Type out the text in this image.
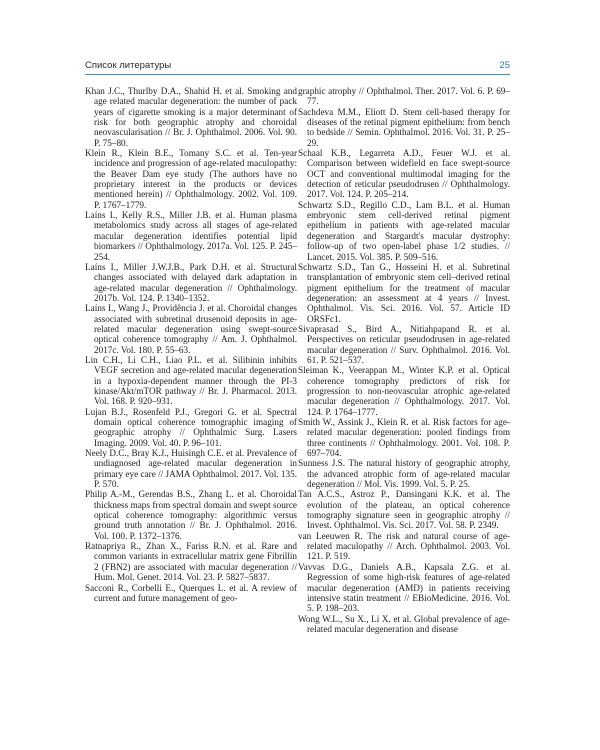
Список литературы	25

Khan J.C., Thurlby D.A., Shahid H. et al. Smoking and age related macular degeneration: the number of pack years of cigarette smoking is a major determinant of risk for both geographic atrophy and choroidal neovascularisation // Br. J. Ophthalmol. 2006. Vol. 90. P. 75–80.

Klein R., Klein B.E., Tomany S.C. et al. Ten-year incidence and progression of age-related maculopathy: the Beaver Dam eye study (The authors have no proprietary interest in the products or devices mentioned herein) // Ophthalmology. 2002. Vol. 109. P. 1767–1779.

Laíns I., Kelly R.S., Miller J.B. et al. Human plasma metabolomics study across all stages of age-related macular degeneration identifies potential lipid biomarkers // Ophthalmology. 2017a. Vol. 125. P. 245–254.

Laíns I., Miller J.W.J.B., Park D.H. et al. Structural changes associated with delayed dark adaptation in age-related macular degeneration // Ophthalmology. 2017b. Vol. 124. P. 1340–1352.

Laíns I., Wang J., Providência J. et al. Choroidal changes associated with subretinal drusenoid deposits in age-related macular degeneration using swept-source optical coherence tomography // Am. J. Ophthalmol. 2017c. Vol. 180. P. 55–63.

Lin C.H., Li C.H., Liao P.L. et al. Silibinin inhibits VEGF secretion and age-related macular degeneration in a hypoxia-dependent manner through the PI-3 kinase/Akt/mTOR pathway // Br. J. Pharmacol. 2013. Vol. 168. P. 920–931.

Lujan B.J., Rosenfeld P.J., Gregori G. et al. Spectral domain optical coherence tomographic imaging of geographic atrophy // Ophthalmic Surg. Lasers Imaging. 2009. Vol. 40. P. 96–101.

Neely D.C., Bray K.J., Huisingh C.E. et al. Prevalence of undiagnosed age-related macular degeneration in primary eye care // JAMA Ophthalmol. 2017. Vol. 135. P. 570.

Philip A.-M., Gerendas B.S., Zhang L. et al. Choroidal thickness maps from spectral domain and swept source optical coherence tomography: algorithmic versus ground truth annotation // Br. J. Ophthalmol. 2016. Vol. 100. P. 1372–1376.

Ratnapriya R., Zhan X., Fariss R.N. et al. Rare and common variants in extracellular matrix gene Fibrillin 2 (FBN2) are associated with macular degeneration // Hum. Mol. Genet. 2014. Vol. 23. P. 5827–5837.

Sacconi R., Corbelli E., Querques L. et al. A review of current and future management of geo-

graphic atrophy // Ophthalmol. Ther. 2017. Vol. 6. P. 69–77.

Sachdeva M.M., Eliott D. Stem cell-based therapy for diseases of the retinal pigment epithelium: from bench to bedside // Semin. Ophthalmol. 2016. Vol. 31. P. 25–29.

Schaal K.B., Legarreta A.D., Feuer W.J. et al. Comparison between widefield en face swept-source OCT and conventional multimodal imaging for the detection of reticular pseudodrusen // Ophthalmology. 2017. Vol. 124. P. 205–214.

Schwartz S.D., Regillo C.D., Lam B.L. et al. Human embryonic stem cell-derived retinal pigment epithelium in patients with age-related macular degeneration and Stargardt's macular dystrophy: follow-up of two open-label phase 1/2 studies. // Lancet. 2015. Vol. 385. P. 509–516.

Schwartz S.D., Tan G., Hosseini H. et al. Subretinal transplantation of embryonic stem cell–derived retinal pigment epithelium for the treatment of macular degeneration: an assessment at 4 years // Invest. Ophthalmol. Vis. Sci. 2016. Vol. 57. Article ID ORSFc1.

Sivaprasad S., Bird A., Nitiahpapand R. et al. Perspectives on reticular pseudodrusen in age-related macular degeneration // Surv. Ophthalmol. 2016. Vol. 61. P. 521–537.

Sleiman K., Veerappan M., Winter K.P. et al. Optical coherence tomography predictors of risk for progression to non-neovascular atrophic age-related macular degeneration // Ophthalmology. 2017. Vol. 124. P. 1764–1777.

Smith W., Assink J., Klein R. et al. Risk factors for age-related macular degeneration: pooled findings from three continents // Ophthalmology. 2001. Vol. 108. P. 697–704.

Sunness J.S. The natural history of geographic atrophy, the advanced atrophic form of age-related macular degeneration // Mol. Vis. 1999. Vol. 5. P. 25.

Tan A.C.S., Astroz P., Dansingani K.K. et al. The evolution of the plateau, an optical coherence tomography signature seen in geographic atrophy // Invest. Ophthalmol. Vis. Sci. 2017. Vol. 58. P. 2349.

van Leeuwen R. The risk and natural course of age-related maculopathy // Arch. Ophthalmol. 2003. Vol. 121. P. 519.

Vavvas D.G., Daniels A.B., Kapsala Z.G. et al. Regression of some high-risk features of age-related macular degeneration (AMD) in patients receiving intensive statin treatment // EBioMedicine. 2016. Vol. 5. P. 198–203.

Wong W.L., Su X., Li X. et al. Global prevalence of age-related macular degeneration and disease
